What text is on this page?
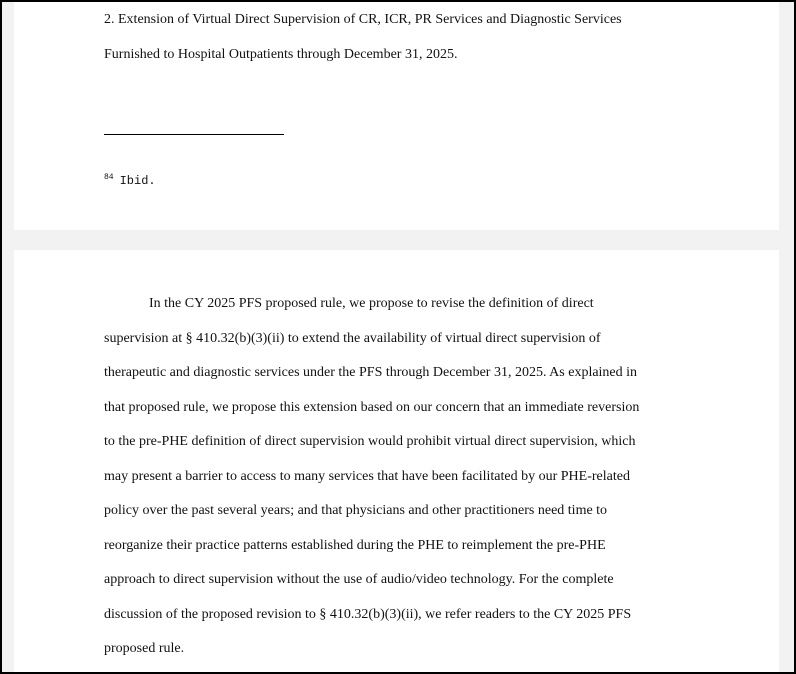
2. Extension of Virtual Direct Supervision of CR, ICR, PR Services and Diagnostic Services
Furnished to Hospital Outpatients through December 31, 2025.
$^{84}$ Ibid.
In the CY 2025 PFS proposed rule, we propose to revise the definition of direct
supervision at § 410.32(b)(3)(ii) to extend the availability of virtual direct supervision of
therapeutic and diagnostic services under the PFS through December 31, 2025. As explained in
that proposed rule, we propose this extension based on our concern that an immediate reversion
to the pre-PHE definition of direct supervision would prohibit virtual direct supervision, which
may present a barrier to access to many services that have been facilitated by our PHE-related
policy over the past several years; and that physicians and other practitioners need time to
reorganize their practice patterns established during the PHE to reimplement the pre-PHE
approach to direct supervision without the use of audio/video technology. For the complete
discussion of the proposed revision to § 410.32(b)(3)(ii), we refer readers to the CY 2025 PFS
proposed rule.
